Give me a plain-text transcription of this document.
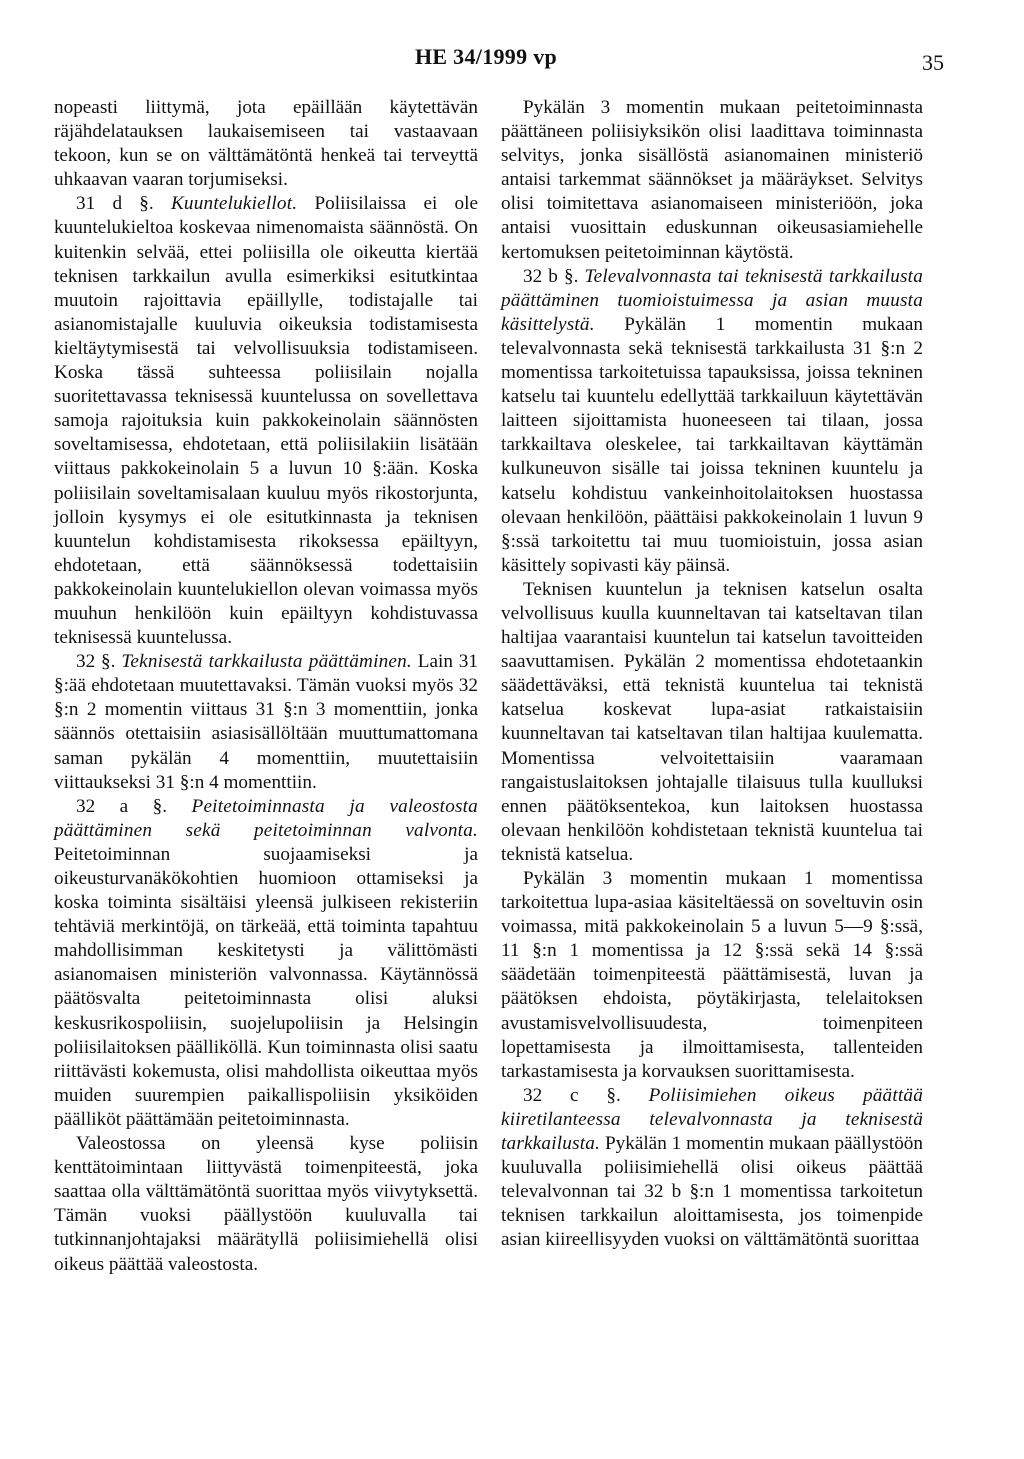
HE 34/1999 vp	35

nopeasti liittymä, jota epäillään käytettävän räjähdelatauksen laukaisemiseen tai vastaavaan tekoon, kun se on välttämätöntä henkeä tai terveyttä uhkaavan vaaran torjumiseksi.

31 d §. Kuuntelukiellot. Poliisilaissa ei ole kuuntelukieltoa koskevaa nimenomaista säännöstä. On kuitenkin selvää, ettei poliisilla ole oikeutta kiertää teknisen tarkkailun avulla esimerkiksi esitutkintaa muutoin rajoittavia epäillylle, todistajalle tai asianomistajalle kuuluvia oikeuksia todistamisesta kieltäytymisestä tai velvollisuuksia todistamiseen. Koska tässä suhteessa poliisilain nojalla suoritettavassa teknisessä kuuntelussa on sovellettava samoja rajoituksia kuin pakkokeinolain säännösten soveltamisessa, ehdotetaan, että poliisilakiin lisätään viittaus pakkokeinolain 5 a luvun 10 §:ään. Koska poliisilain soveltamisalaan kuuluu myös rikostorjunta, jolloin kysymys ei ole esitutkinnasta ja teknisen kuuntelun kohdistamisesta rikoksessa epäiltyyn, ehdotetaan, että säännöksessä todettaisiin pakkokeinolain kuuntelukiellon olevan voimassa myös muuhun henkilöön kuin epäiltyyn kohdistuvassa teknisessä kuuntelussa.

32 §. Teknisestä tarkkailusta päättäminen. Lain 31 §:ää ehdotetaan muutettavaksi. Tämän vuoksi myös 32 §:n 2 momentin viittaus 31 §:n 3 momenttiin, jonka säännös otettaisiin asiasisällöltään muuttumattomana saman pykälän 4 momenttiin, muutettaisiin viittaukseksi 31 §:n 4 momenttiin.

32 a §. Peitetoiminnasta ja valeostosta päättäminen sekä peitetoiminnan valvonta. Peitetoiminnan suojaamiseksi ja oikeusturvanäkökohtien huomioon ottamiseksi ja koska toiminta sisältäisi yleensä julkiseen rekisteriin tehtäviä merkintöjä, on tärkeää, että toiminta tapahtuu mahdollisimman keskitetysti ja välittömästi asianomaisen ministeriön valvonnassa. Käytännössä päätösvalta peitetoiminnasta olisi aluksi keskusrikospoliisin, suojelupoliisin ja Helsingin poliisilaitoksen päälliköllä. Kun toiminnasta olisi saatu riittävästi kokemusta, olisi mahdollista oikeuttaa myös muiden suurempien paikallispoliisin yksiköiden päälliköt päättämään peitetoiminnasta.

Valeostossa on yleensä kyse poliisin kenttätoimintaan liittyvästä toimenpiteestä, joka saattaa olla välttämätöntä suorittaa myös viivytyksettä. Tämän vuoksi päällystöön kuuluvalla tai tutkinnanjohtajaksi määrätyllä poliisimiehellä olisi oikeus päättää valeostosta.

Pykälän 3 momentin mukaan peitetoiminnasta päättäneen poliisiyksikön olisi laadittava toiminnasta selvitys, jonka sisällöstä asianomainen ministeriö antaisi tarkemmat säännökset ja määräykset. Selvitys olisi toimitettava asianomaiseen ministeriöön, joka antaisi vuosittain eduskunnan oikeusasiamiehelle kertomuksen peitetoiminnan käytöstä.

32 b §. Televalvonnasta tai teknisestä tarkkailusta päättäminen tuomioistuimessa ja asian muusta käsittelystä. Pykälän 1 momentin mukaan televalvonnasta sekä teknisestä tarkkailusta 31 §:n 2 momentissa tarkoitetuissa tapauksissa, joissa tekninen katselu tai kuuntelu edellyttää tarkkailuun käytettävän laitteen sijoittamista huoneeseen tai tilaan, jossa tarkkailtava oleskelee, tai tarkkailtavan käyttämän kulkuneuvon sisälle tai joissa tekninen kuuntelu ja katselu kohdistuu vankeinhoitolaitoksen huostassa olevaan henkilöön, päättäisi pakkokeinolain 1 luvun 9 §:ssä tarkoitettu tai muu tuomioistuin, jossa asian käsittely sopivasti käy päinsä.

Teknisen kuuntelun ja teknisen katselun osalta velvollisuus kuulla kuunneltavan tai katseltavan tilan haltijaa vaarantaisi kuuntelun tai katselun tavoitteiden saavuttamisen. Pykälän 2 momentissa ehdotetaankin säädettäväksi, että teknistä kuuntelua tai teknistä katselua koskevat lupa-asiat ratkaistaisiin kuunneltavan tai katseltavan tilan haltijaa kuulematta. Momentissa velvoitettaisiin vaaramaan rangaistuslaitoksen johtajalle tilaisuus tulla kuulluksi ennen päätöksentekoa, kun laitoksen huostassa olevaan henkilöön kohdistetaan teknistä kuuntelua tai teknistä katselua.

Pykälän 3 momentin mukaan 1 momentissa tarkoitettua lupa-asiaa käsiteltäessä on soveltuvin osin voimassa, mitä pakkokeinolain 5 a luvun 5—9 §:ssä, 11 §:n 1 momentissa ja 12 §:ssä sekä 14 §:ssä säädetään toimenpiteestä päättämisestä, luvan ja päätöksen ehdoista, pöytäkirjasta, telelaitoksen avustamisvelvollisuudesta, toimenpiteen lopettamisesta ja ilmoittamisesta, tallenteiden tarkastamisesta ja korvauksen suorittamisesta.

32 c §. Poliisimiehen oikeus päättää kiiretilanteessa televalvonnasta ja teknisestä tarkkailusta. Pykälän 1 momentin mukaan päällystöön kuuluvalla poliisimiehellä olisi oikeus päättää televalvonnan tai 32 b §:n 1 momentissa tarkoitetun teknisen tarkkailun aloittamisesta, jos toimenpide asian kiireellisyyden vuoksi on välttämätöntä suorittaa
